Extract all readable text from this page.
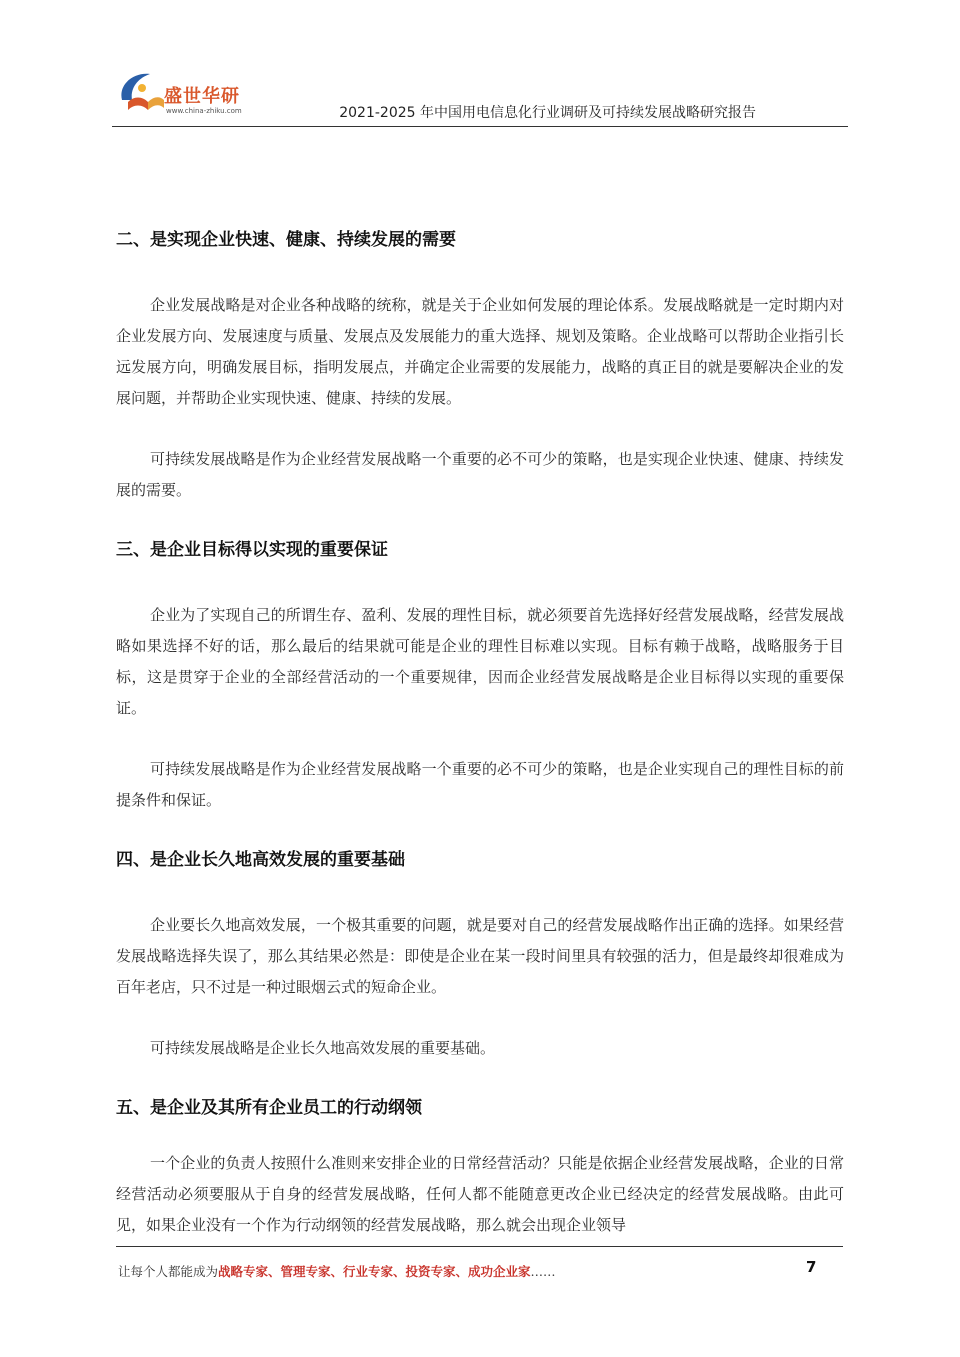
盛世华研
www.china-zhiku.com	2021-2025 年中国用电信息化行业调研及可持续发展战略研究报告
二、是实现企业快速、健康、持续发展的需要

企业发展战略是对企业各种战略的统称，就是关于企业如何发展的理论体系。发展战略就是一定时期内对企业发展方向、发展速度与质量、发展点及发展能力的重大选择、规划及策略。企业战略可以帮助企业指引长远发展方向，明确发展目标，指明发展点，并确定企业需要的发展能力，战略的真正目的就是要解决企业的发展问题，并帮助企业实现快速、健康、持续的发展。

可持续发展战略是作为企业经营发展战略一个重要的必不可少的策略，也是实现企业快速、健康、持续发展的需要。

三、是企业目标得以实现的重要保证

企业为了实现自己的所谓生存、盈利、发展的理性目标，就必须要首先选择好经营发展战略，经营发展战略如果选择不好的话，那么最后的结果就可能是企业的理性目标难以实现。目标有赖于战略，战略服务于目标，这是贯穿于企业的全部经营活动的一个重要规律，因而企业经营发展战略是企业目标得以实现的重要保证。

可持续发展战略是作为企业经营发展战略一个重要的必不可少的策略，也是企业实现自己的理性目标的前提条件和保证。

四、是企业长久地高效发展的重要基础

企业要长久地高效发展，一个极其重要的问题，就是要对自己的经营发展战略作出正确的选择。如果经营发展战略选择失误了，那么其结果必然是：即使是企业在某一段时间里具有较强的活力，但是最终却很难成为百年老店，只不过是一种过眼烟云式的短命企业。

可持续发展战略是企业长久地高效发展的重要基础。

五、是企业及其所有企业员工的行动纲领

一个企业的负责人按照什么准则来安排企业的日常经营活动？只能是依据企业经营发展战略，企业的日常经营活动必须要服从于自身的经营发展战略，任何人都不能随意更改企业已经决定的经营发展战略。由此可见，如果企业没有一个作为行动纲领的经营发展战略，那么就会出现企业领导

让每个人都能成为战略专家、管理专家、行业专家、投资专家、成功企业家……	7
